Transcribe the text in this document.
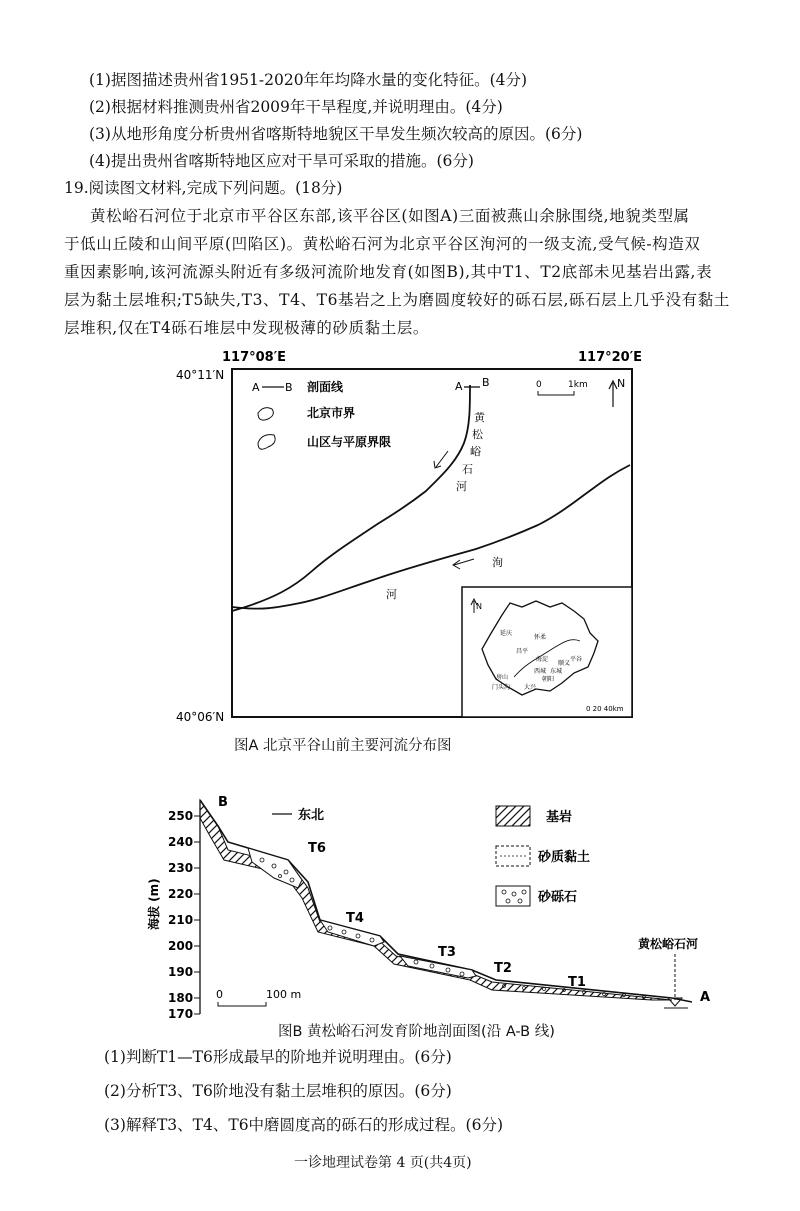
(1)据图描述贵州省1951-2020年年均降水量的变化特征。(4分)
(2)根据材料推测贵州省2009年干旱程度,并说明理由。(4分)
(3)从地形角度分析贵州省喀斯特地貌区干旱发生频次较高的原因。(6分)
(4)提出贵州省喀斯特地区应对干旱可采取的措施。(6分)
19.阅读图文材料,完成下列问题。(18分)
黄松峪石河位于北京市平谷区东部,该平谷区(如图A)三面被燕山余脉围绕,地貌类型属
于低山丘陵和山间平原(凹陷区)。黄松峪石河为北京平谷区洵河的一级支流,受气候-构造双
重因素影响,该河流源头附近有多级河流阶地发育(如图B),其中T1、T2底部未见基岩出露,表
层为黏土层堆积;T5缺失,T3、T4、T6基岩之上为磨圆度较好的砾石层,砾石层上几乎没有黏土
层堆积,仅在T4砾石堆层中发现极薄的砂质黏土层。
117°08′E	117°20′E
40°11′N
40°06′N
A B 剖面线
北京市界
山区与平原界限
A B	0	1km	N
黄
松
峪
石
河
洵
河
N
延庆
怀柔
平谷
昌平
顺义
海淀
朝阳
东城
西城
房山
门头沟 大兴
0 20 40km
图A 北京平谷山前主要河流分布图
海拔 (m)
250
240
230
220
210
200
190
180
170
B
东北
T6
T4
T3
T2
T1
基岩
砂质黏土
砂砾石
黄松峪石河
A
0	100 m
图B 黄松峪石河发育阶地剖面图(沿 A-B 线)
(1)判断T1—T6形成最早的阶地并说明理由。(6分)
(2)分析T3、T6阶地没有黏土层堆积的原因。(6分)
(3)解释T3、T4、T6中磨圆度高的砾石的形成过程。(6分)
一诊地理试卷第 4 页(共4页)
